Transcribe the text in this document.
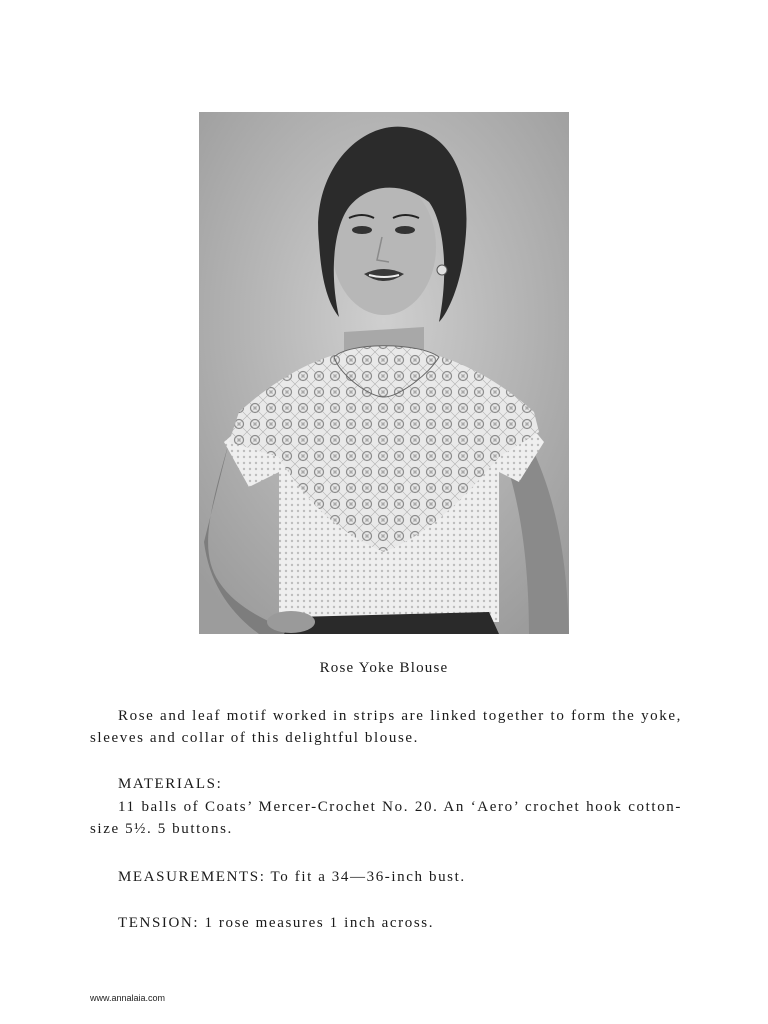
Rose Yoke Blouse

Rose and leaf motif worked in strips are linked together to form the yoke, sleeves and collar of this delightful blouse.

MATERIALS:

11 balls of Coats’ Mercer-Crochet No. 20. An ‘Aero’ crochet hook cotton-size 5½. 5 buttons.

MEASUREMENTS: To fit a 34—36-inch bust.

TENSION: 1 rose measures 1 inch across.

www.annalaia.com
